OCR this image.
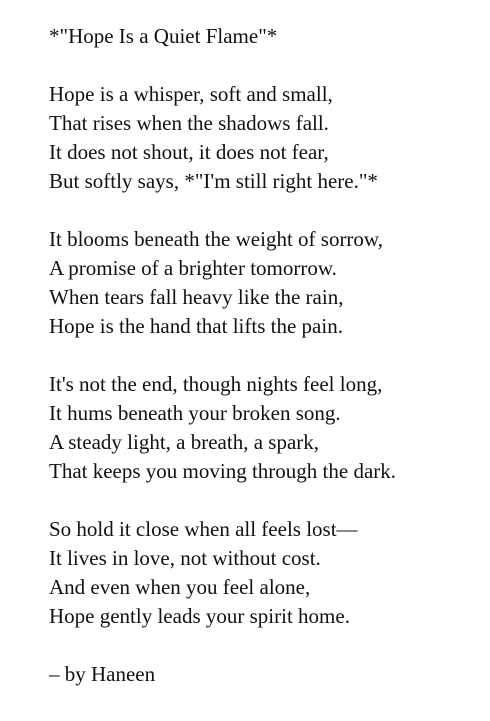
*"Hope Is a Quiet Flame"*
Hope is a whisper, soft and small,
That rises when the shadows fall.
It does not shout, it does not fear,
But softly says, *"I'm still right here."*
It blooms beneath the weight of sorrow,
A promise of a brighter tomorrow.
When tears fall heavy like the rain,
Hope is the hand that lifts the pain.
It's not the end, though nights feel long,
It hums beneath your broken song.
A steady light, a breath, a spark,
That keeps you moving through the dark.
So hold it close when all feels lost—
It lives in love, not without cost.
And even when you feel alone,
Hope gently leads your spirit home.
– by Haneen
